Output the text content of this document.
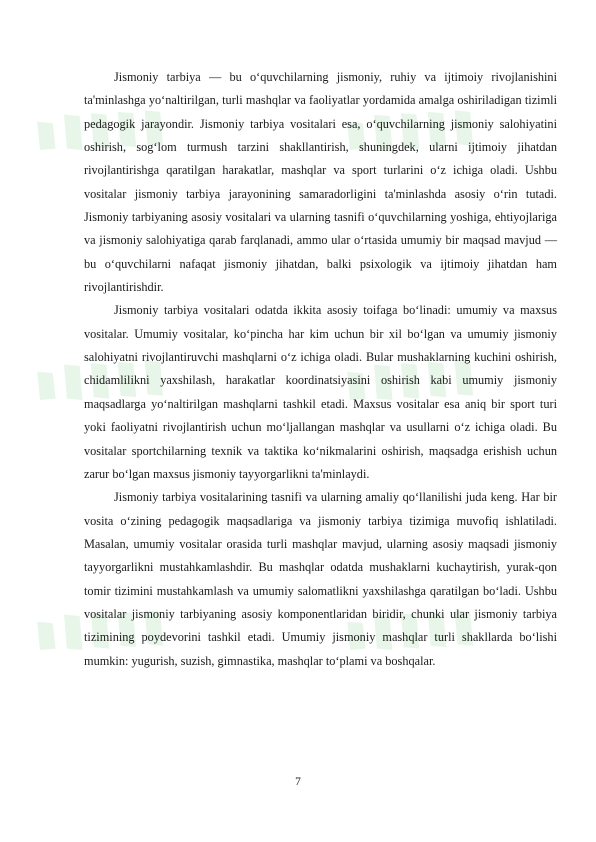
Jismoniy tarbiya — bu o‘quvchilarning jismoniy, ruhiy va ijtimoiy rivojlanishini ta'minlashga yo‘naltirilgan, turli mashqlar va faoliyatlar yordamida amalga oshiriladigan tizimli pedagogik jarayondir. Jismoniy tarbiya vositalari esa, o‘quvchilarning jismoniy salohiyatini oshirish, sog‘lom turmush tarzini shakllantirish, shuningdek, ularni ijtimoiy jihatdan rivojlantirishga qaratilgan harakatlar, mashqlar va sport turlarini o‘z ichiga oladi. Ushbu vositalar jismoniy tarbiya jarayonining samaradorligini ta'minlashda asosiy o‘rin tutadi. Jismoniy tarbiyaning asosiy vositalari va ularning tasnifi o‘quvchilarning yoshiga, ehtiyojlariga va jismoniy salohiyatiga qarab farqlanadi, ammo ular o‘rtasida umumiy bir maqsad mavjud — bu o‘quvchilarni nafaqat jismoniy jihatdan, balki psixologik va ijtimoiy jihatdan ham rivojlantirishdir.

Jismoniy tarbiya vositalari odatda ikkita asosiy toifaga bo‘linadi: umumiy va maxsus vositalar. Umumiy vositalar, ko‘pincha har kim uchun bir xil bo‘lgan va umumiy jismoniy salohiyatni rivojlantiruvchi mashqlarni o‘z ichiga oladi. Bular mushaklarning kuchini oshirish, chidamlilikni yaxshilash, harakatlar koordinatsiyasini oshirish kabi umumiy jismoniy maqsadlarga yo‘naltirilgan mashqlarni tashkil etadi. Maxsus vositalar esa aniq bir sport turi yoki faoliyatni rivojlantirish uchun mo‘ljallangan mashqlar va usullarni o‘z ichiga oladi. Bu vositalar sportchilarning texnik va taktika ko‘nikmalarini oshirish, maqsadga erishish uchun zarur bo‘lgan maxsus jismoniy tayyorgarlikni ta'minlaydi.

Jismoniy tarbiya vositalarining tasnifi va ularning amaliy qo‘llanilishi juda keng. Har bir vosita o‘zining pedagogik maqsadlariga va jismoniy tarbiya tizimiga muvofiq ishlatiladi. Masalan, umumiy vositalar orasida turli mashqlar mavjud, ularning asosiy maqsadi jismoniy tayyorgarlikni mustahkamlashdir. Bu mashqlar odatda mushaklarni kuchaytirish, yurak-qon tomir tizimini mustahkamlash va umumiy salomatlikni yaxshilashga qaratilgan bo‘ladi. Ushbu vositalar jismoniy tarbiyaning asosiy komponentlaridan biridir, chunki ular jismoniy tarbiya tizimining poydevorini tashkil etadi. Umumiy jismoniy mashqlar turli shakllarda bo‘lishi mumkin: yugurish, suzish, gimnastika, mashqlar to‘plami va boshqalar.

7
